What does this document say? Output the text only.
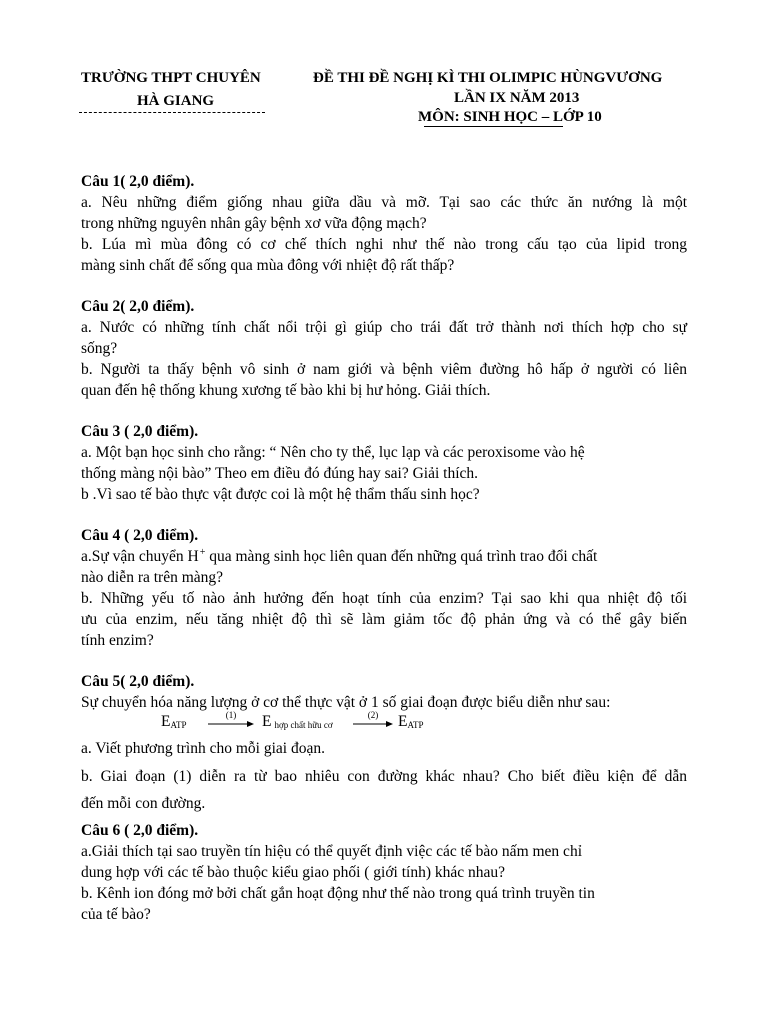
TRƯỜNG THPT CHUYÊN
HÀ GIANG
ĐỀ THI ĐỀ NGHỊ KÌ THI OLIMPIC HÙNGVƯƠNG
LẦN IX NĂM 2013
MÔN: SINH HỌC – LỚP 10
Câu 1( 2,0 điểm).
a. Nêu những điểm giống nhau giữa dầu và mỡ. Tại sao các thức ăn nướng là một
trong những nguyên nhân gây bệnh xơ vữa động mạch?
b. Lúa mì mùa đông có cơ chế thích nghi như thế nào trong cấu tạo của lipid trong
màng sinh chất để sống qua mùa đông với nhiệt độ rất thấp?
Câu 2( 2,0 điểm).
a. Nước có những tính chất nổi trội gì giúp cho trái đất trở thành nơi thích hợp cho sự
sống?
b. Người ta thấy bệnh vô sinh ở nam giới và bệnh viêm đường hô hấp ở người có liên
quan đến hệ thống khung xương tế bào khi bị hư hỏng. Giải thích.
Câu 3 ( 2,0 điểm).
a. Một bạn học sinh cho rằng: “ Nên cho ty thể, lục lạp và các peroxisome vào hệ
thống màng nội bào” Theo em điều đó đúng hay sai? Giải thích.
b .Vì sao tế bào thực vật được coi là một hệ thẩm thấu sinh học?
Câu 4 ( 2,0 điểm).
a.Sự vận chuyển H+ qua màng sinh học liên quan đến những quá trình trao đổi chất
nào diễn ra trên màng?
b. Những yếu tố nào ảnh hưởng đến hoạt tính của enzim? Tại sao khi qua nhiệt độ tối
ưu của enzim, nếu tăng nhiệt độ thì sẽ làm giảm tốc độ phản ứng và có thể gây biến
tính enzim?
Câu 5( 2,0 điểm).
Sự chuyển hóa năng lượng ở cơ thể thực vật ở 1 số giai đoạn được biểu diễn như sau:
EATP
(1)	Ehợp chất hữu cơ
(2)	EATP
a. Viết phương trình cho mỗi giai đoạn.
b. Giai đoạn (1) diễn ra từ bao nhiêu con đường khác nhau? Cho biết điều kiện để dẫn
đến mỗi con đường.
Câu 6 ( 2,0 điểm).
a.Giải thích tại sao truyền tín hiệu có thể quyết định việc các tế bào nấm men chỉ
dung hợp với các tế bào thuộc kiểu giao phối ( giới tính) khác nhau?
b. Kênh ion đóng mở bởi chất gắn hoạt động như thế nào trong quá trình truyền tin
của tế bào?
